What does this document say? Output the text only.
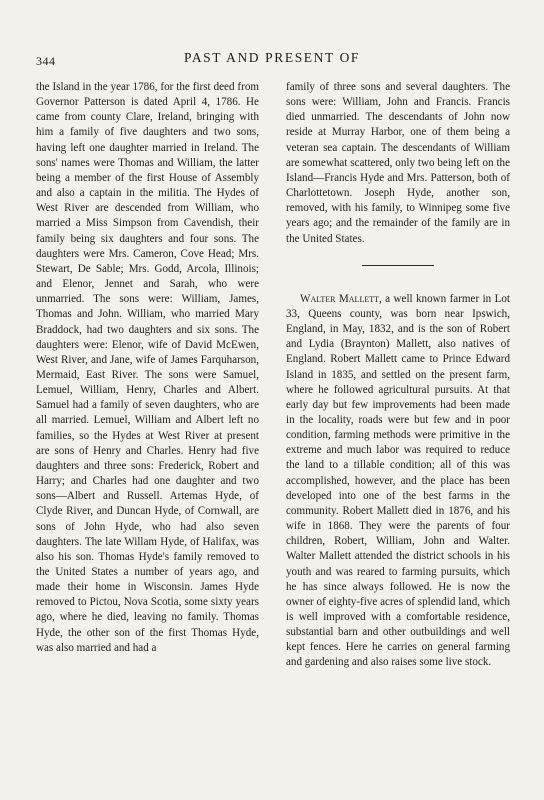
344	PAST AND PRESENT OF

the Island in the year 1786, for the first deed from Governor Patterson is dated April 4, 1786. He came from county Clare, Ireland, bringing with him a family of five daughters and two sons, having left one daughter married in Ireland. The sons' names were Thomas and William, the latter being a member of the first House of Assembly and also a captain in the militia. The Hydes of West River are descended from William, who married a Miss Simpson from Cavendish, their family being six daughters and four sons. The daughters were Mrs. Cameron, Cove Head; Mrs. Stewart, De Sable; Mrs. Godd, Arcola, Illinois; and Elenor, Jennet and Sarah, who were unmarried. The sons were: William, James, Thomas and John. William, who married Mary Braddock, had two daughters and six sons. The daughters were: Elenor, wife of David McEwen, West River, and Jane, wife of James Farquharson, Mermaid, East River. The sons were Samuel, Lemuel, William, Henry, Charles and Albert. Samuel had a family of seven daughters, who are all married. Lemuel, William and Albert left no families, so the Hydes at West River at present are sons of Henry and Charles. Henry had five daughters and three sons: Frederick, Robert and Harry; and Charles had one daughter and two sons—Albert and Russell. Artemas Hyde, of Clyde River, and Duncan Hyde, of Cornwall, are sons of John Hyde, who had also seven daughters. The late Willam Hyde, of Halifax, was also his son. Thomas Hyde's family removed to the United States a number of years ago, and made their home in Wisconsin. James Hyde removed to Pictou, Nova Scotia, some sixty years ago, where he died, leaving no family. Thomas Hyde, the other son of the first Thomas Hyde, was also married and had a

family of three sons and several daughters. The sons were: William, John and Francis. Francis died unmarried. The descendants of John now reside at Murray Harbor, one of them being a veteran sea captain. The descendants of William are somewhat scattered, only two being left on the Island—Francis Hyde and Mrs. Patterson, both of Charlottetown. Joseph Hyde, another son, removed, with his family, to Winnipeg some five years ago; and the remainder of the family are in the United States.

Walter Mallett, a well known farmer in Lot 33, Queens county, was born near Ipswich, England, in May, 1832, and is the son of Robert and Lydia (Braynton) Mallett, also natives of England. Robert Mallett came to Prince Edward Island in 1835, and settled on the present farm, where he followed agricultural pursuits. At that early day but few improvements had been made in the locality, roads were but few and in poor condition, farming methods were primitive in the extreme and much labor was required to reduce the land to a tillable condition; all of this was accomplished, however, and the place has been developed into one of the best farms in the community. Robert Mallett died in 1876, and his wife in 1868. They were the parents of four children, Robert, William, John and Walter. Walter Mallett attended the district schools in his youth and was reared to farming pursuits, which he has since always followed. He is now the owner of eighty-five acres of splendid land, which is well improved with a comfortable residence, substantial barn and other outbuildings and well kept fences. Here he carries on general farming and gardening and also raises some live stock.
